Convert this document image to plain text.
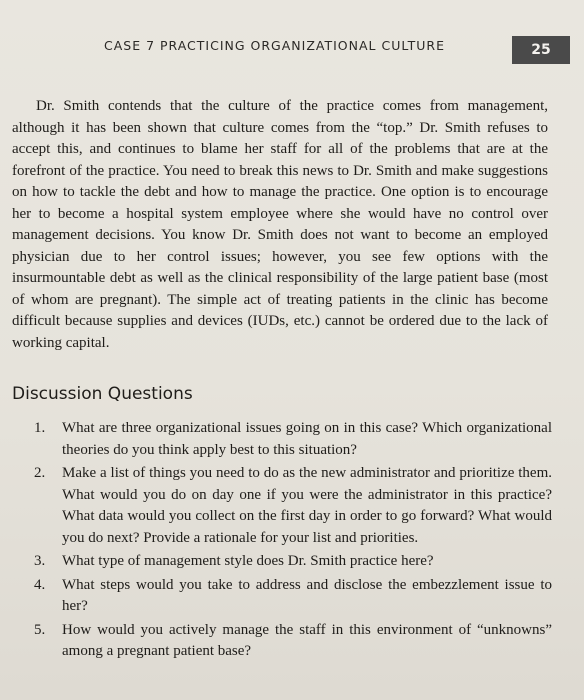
CASE 7 PRACTICING ORGANIZATIONAL CULTURE	25

Dr. Smith contends that the culture of the practice comes from management, although it has been shown that culture comes from the “top.” Dr. Smith refuses to accept this, and continues to blame her staff for all of the problems that are at the forefront of the practice. You need to break this news to Dr. Smith and make suggestions on how to tackle the debt and how to manage the practice. One option is to encourage her to become a hospital system employee where she would have no control over management decisions. You know Dr. Smith does not want to become an employed physician due to her control issues; however, you see few options with the insurmountable debt as well as the clinical responsibility of the large patient base (most of whom are pregnant). The simple act of treating patients in the clinic has become difficult because supplies and devices (IUDs, etc.) cannot be ordered due to the lack of working capital.

Discussion Questions
1. What are three organizational issues going on in this case? Which organizational theories do you think apply best to this situation?
2. Make a list of things you need to do as the new administrator and prioritize them. What would you do on day one if you were the administrator in this practice? What data would you collect on the first day in order to go forward? What would you do next? Provide a rationale for your list and priorities.
3. What type of management style does Dr. Smith practice here?
4. What steps would you take to address and disclose the embezzlement issue to her?
5. How would you actively manage the staff in this environment of “unknowns” among a pregnant patient base?
